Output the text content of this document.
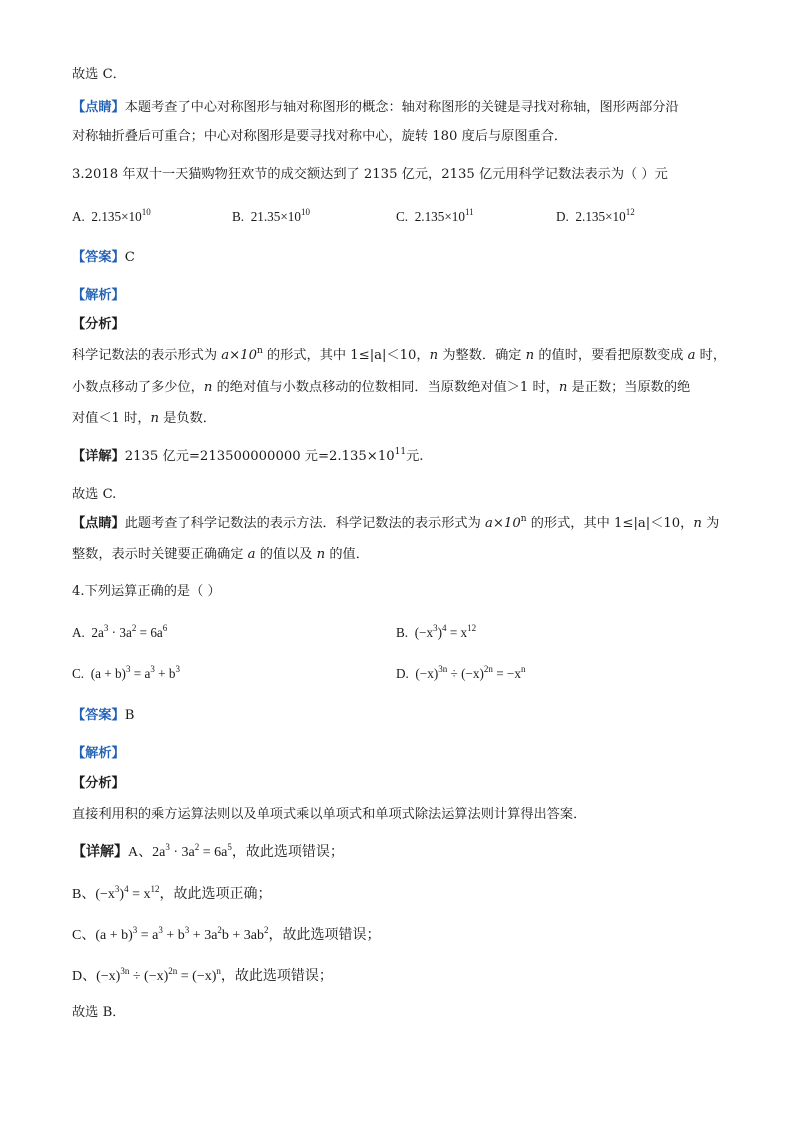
故选 C．
【点睛】本题考查了中心对称图形与轴对称图形的概念：轴对称图形的关键是寻找对称轴，图形两部分沿
对称轴折叠后可重合；中心对称图形是要寻找对称中心，旋转 180 度后与原图重合．
3.2018 年双十一天猫购物狂欢节的成交额达到了 2135 亿元，2135 亿元用科学记数法表示为（ ）元
A. $2.135\times 10^{10}$	B. $21.35\times 10^{10}$	C. $2.135\times 10^{11}$	D. $2.135\times 10^{12}$
【答案】C
【解析】
【分析】
科学记数法的表示形式为 $a\times 10^n$ 的形式，其中 1≤|a|＜10，n 为整数．确定 n 的值时，要看把原数变成 a 时，
小数点移动了多少位，n 的绝对值与小数点移动的位数相同．当原数绝对值＞1 时，n 是正数；当原数的绝
对值＜1 时，n 是负数．
【详解】2135 亿元=213500000000 元$=2.135\times 10^{11}$元.
故选 C.
【点睛】此题考查了科学记数法的表示方法．科学记数法的表示形式为 $a\times 10^n$ 的形式，其中 1≤|a|＜10，n 为
整数，表示时关键要正确确定 a 的值以及 n 的值．
4.下列运算正确的是（ ）
A.  $2a^3 \cdot 3a^2 = 6a^6$	B.  $(-x^3)^4 = x^{12}$
C.  $(a + b)^3 = a^3 + b^3$	D.  $(-x)^{3n} \div (-x)^{2n} = -x^n$
【答案】B
【解析】
【分析】
直接利用积的乘方运算法则以及单项式乘以单项式和单项式除法运算法则计算得出答案．
【详解】A、$2a^3 \cdot 3a^2 = 6a^5$，故此选项错误；
B、$(-x^3)^4 = x^{12}$，故此选项正确；
C、$(a + b)^3 = a^3 + b^3 + 3a^2b + 3ab^2$，故此选项错误；
D、$(-x)^{3n} \div (-x)^{2n} = (-x)^n$，故此选项错误；
故选 B．
